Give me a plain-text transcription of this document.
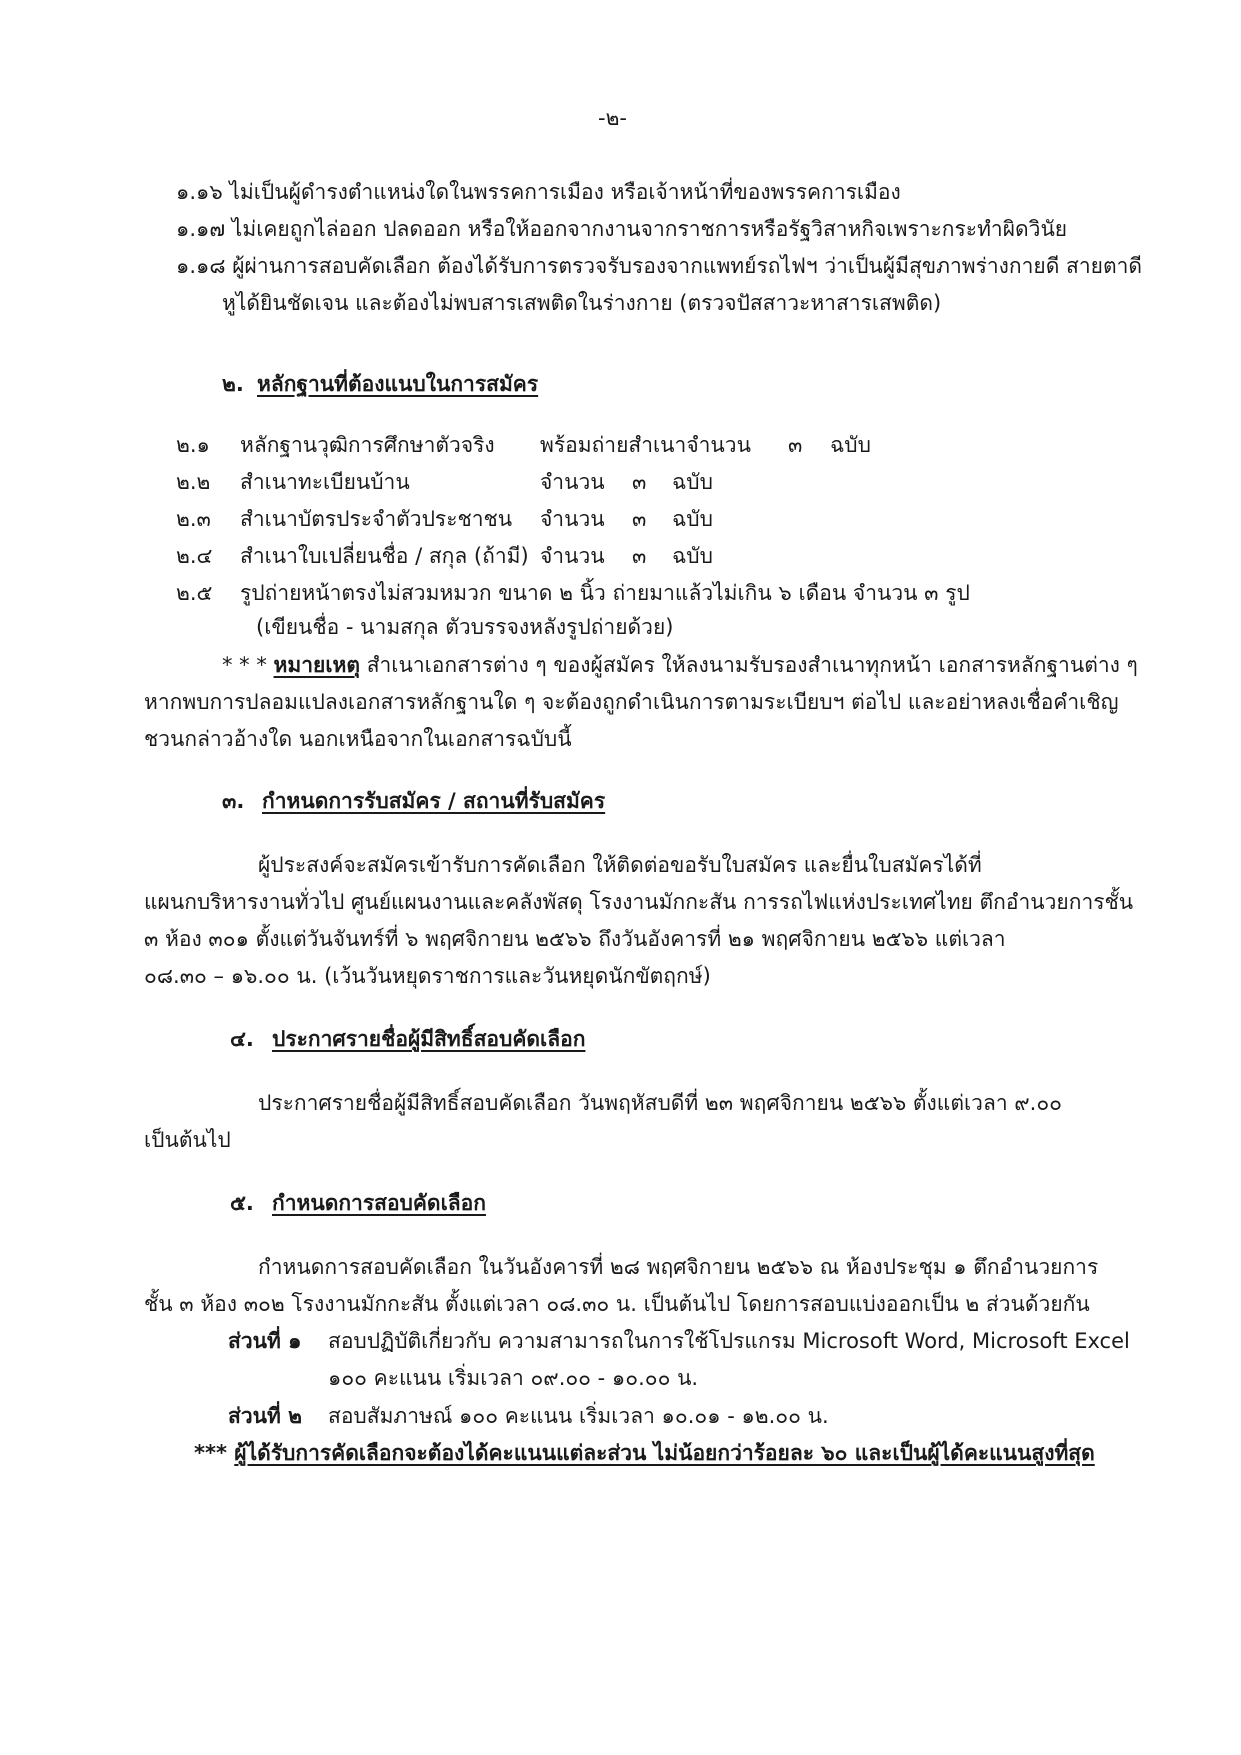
-๒-
๑.๑๖ ไม่เป็นผู้ดำรงตำแหน่งใดในพรรคการเมือง หรือเจ้าหน้าที่ของพรรคการเมือง
๑.๑๗ ไม่เคยถูกไล่ออก ปลดออก หรือให้ออกจากงานจากราชการหรือรัฐวิสาหกิจเพราะกระทำผิดวินัย
๑.๑๘ ผู้ผ่านการสอบคัดเลือก ต้องได้รับการตรวจรับรองจากแพทย์รถไฟฯ ว่าเป็นผู้มีสุขภาพร่างกายดี สายตาดี
หูได้ยินชัดเจน และต้องไม่พบสารเสพติดในร่างกาย (ตรวจปัสสาวะหาสารเสพติด)
๒. หลักฐานที่ต้องแนบในการสมัคร
๒.๑ หลักฐานวุฒิการศึกษาตัวจริง พร้อมถ่ายสำเนาจำนวน ๓ ฉบับ
๒.๒ สำเนาทะเบียนบ้าน	จำนวน ๓ ฉบับ
๒.๓ สำเนาบัตรประจำตัวประชาชน จำนวน ๓ ฉบับ
๒.๔ สำเนาใบเปลี่ยนชื่อ / สกุล (ถ้ามี) จำนวน ๓ ฉบับ
๒.๕ รูปถ่ายหน้าตรงไม่สวมหมวก ขนาด ๒ นิ้ว ถ่ายมาแล้วไม่เกิน ๖ เดือน จำนวน ๓ รูป
(เขียนชื่อ - นามสกุล ตัวบรรจงหลังรูปถ่ายด้วย)
* * * หมายเหตุ สำเนาเอกสารต่าง ๆ ของผู้สมัคร ให้ลงนามรับรองสำเนาทุกหน้า เอกสารหลักฐานต่าง ๆ
หากพบการปลอมแปลงเอกสารหลักฐานใด ๆ จะต้องถูกดำเนินการตามระเบียบฯ ต่อไป และอย่าหลงเชื่อคำเชิญ
ชวนกล่าวอ้างใด นอกเหนือจากในเอกสารฉบับนี้
๓. กำหนดการรับสมัคร / สถานที่รับสมัคร
ผู้ประสงค์จะสมัครเข้ารับการคัดเลือก ให้ติดต่อขอรับใบสมัคร และยื่นใบสมัครได้ที่
แผนกบริหารงานทั่วไป ศูนย์แผนงานและคลังพัสดุ โรงงานมักกะสัน การรถไฟแห่งประเทศไทย ตึกอำนวยการชั้น
๓ ห้อง ๓๐๑ ตั้งแต่วันจันทร์ที่ ๖ พฤศจิกายน ๒๕๖๖ ถึงวันอังคารที่ ๒๑ พฤศจิกายน ๒๕๖๖ แต่เวลา
๐๘.๓๐ – ๑๖.๐๐ น. (เว้นวันหยุดราชการและวันหยุดนักขัตฤกษ์)
๔. ประกาศรายชื่อผู้มีสิทธิ์สอบคัดเลือก
ประกาศรายชื่อผู้มีสิทธิ์สอบคัดเลือก วันพฤหัสบดีที่ ๒๓ พฤศจิกายน ๒๕๖๖ ตั้งแต่เวลา ๙.๐๐
เป็นต้นไป
๕. กำหนดการสอบคัดเลือก
กำหนดการสอบคัดเลือก ในวันอังคารที่ ๒๘ พฤศจิกายน ๒๕๖๖ ณ ห้องประชุม ๑ ตึกอำนวยการ
ชั้น ๓ ห้อง ๓๐๒ โรงงานมักกะสัน ตั้งแต่เวลา ๐๘.๓๐ น. เป็นต้นไป โดยการสอบแบ่งออกเป็น ๒ ส่วนด้วยกัน
ส่วนที่ ๑ สอบปฏิบัติเกี่ยวกับ ความสามารถในการใช้โปรแกรม Microsoft Word, Microsoft Excel
๑๐๐ คะแนน เริ่มเวลา ๐๙.๐๐ - ๑๐.๐๐ น.
ส่วนที่ ๒ สอบสัมภาษณ์ ๑๐๐ คะแนน เริ่มเวลา ๑๐.๐๑ - ๑๒.๐๐ น.
*** ผู้ได้รับการคัดเลือกจะต้องได้คะแนนแต่ละส่วน ไม่น้อยกว่าร้อยละ ๖๐ และเป็นผู้ได้คะแนนสูงที่สุด
